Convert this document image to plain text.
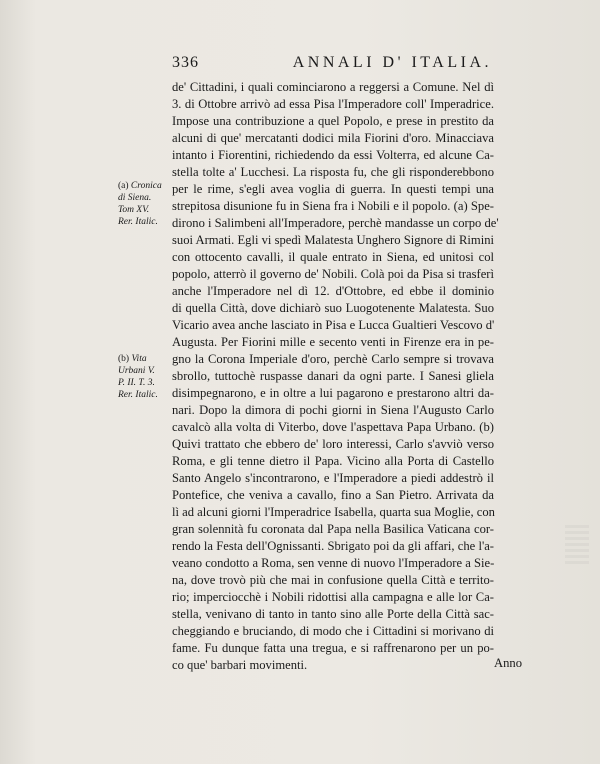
336	ANNALI D' ITALIA.
de' Cittadini, i quali cominciarono a reggersi a Comune. Nel dì
3. di Ottobre arrivò ad essa Pisa l'Imperadore coll' Imperadrice.
Impose una contribuzione a quel Popolo, e prese in prestito da
alcuni di que' mercatanti dodici mila Fiorini d'oro. Minacciava
intanto i Fiorentini, richiedendo da essi Volterra, ed alcune Ca-
stella tolte a' Lucchesi. La risposta fu, che gli risponderebbono
per le rime, s'egli avea voglia di guerra. In questi tempi una
strepitosa disunione fu in Siena fra i Nobili e il popolo. (a) Spe-
dirono i Salimbeni all'Imperadore, perchè mandasse un corpo de'
suoi Armati. Egli vi spedì Malatesta Unghero Signore di Rimini
con ottocento cavalli, il quale entrato in Siena, ed unitosi col
popolo, atterrò il governo de' Nobili. Colà poi da Pisa si trasferì
anche l'Imperadore nel dì 12. d'Ottobre, ed ebbe il dominio
di quella Città, dove dichiarò suo Luogotenente Malatesta. Suo
Vicario avea anche lasciato in Pisa e Lucca Gualtieri Vescovo d'
Augusta. Per Fiorini mille e secento venti in Firenze era in pe-
gno la Corona Imperiale d'oro, perchè Carlo sempre si trovava
sbrollo, tuttochè ruspasse danari da ogni parte. I Sanesi gliela
disimpegnarono, e in oltre a lui pagarono e prestarono altri da-
nari. Dopo la dimora di pochi giorni in Siena l'Augusto Carlo
cavalcò alla volta di Viterbo, dove l'aspettava Papa Urbano. (b)
Quivi trattato che ebbero de' loro interessi, Carlo s'avviò verso
Roma, e gli tenne dietro il Papa. Vicino alla Porta di Castello
Santo Angelo s'incontrarono, e l'Imperadore a piedi addestrò il
Pontefice, che veniva a cavallo, fino a San Pietro. Arrivata da
lì ad alcuni giorni l'Imperadrice Isabella, quarta sua Moglie, con
gran solennità fu coronata dal Papa nella Basilica Vaticana cor-
rendo la Festa dell'Ognissanti. Sbrigato poi da gli affari, che l'a-
veano condotto a Roma, sen venne di nuovo l'Imperadore a Sie-
na, dove trovò più che mai in confusione quella Città e territo-
rio; imperciocchè i Nobili ridottisi alla campagna e alle lor Ca-
stella, venivano di tanto in tanto sino alle Porte della Città sac-
cheggiando e bruciando, di modo che i Cittadini si morivano di
fame. Fu dunque fatta una tregua, e si raffrenarono per un po-
co que' barbari movimenti.
(a) Cronica
di Siena.
Tom XV.
Rer. Italic.
(b) Vita
Urbani V.
P. II. T. 3.
Rer. Italic.
Anno
